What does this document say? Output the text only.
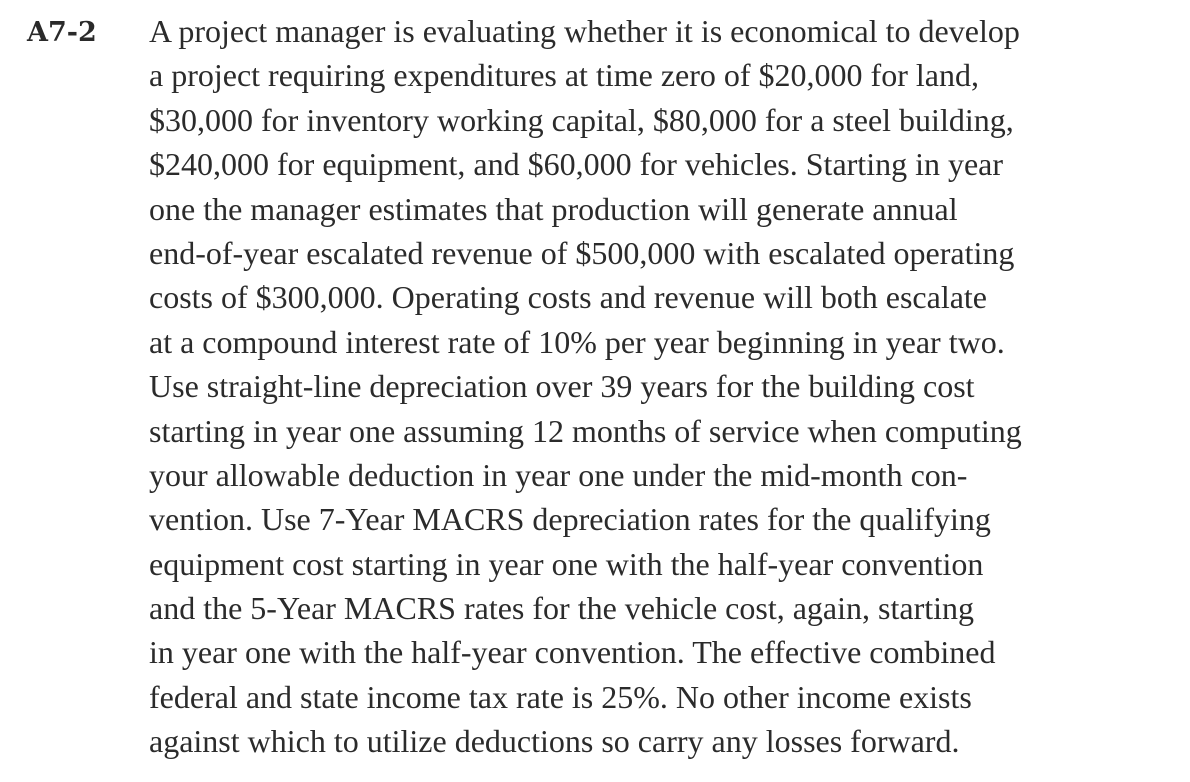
A7-2 A project manager is evaluating whether it is economical to develop
a project requiring expenditures at time zero of $20,000 for land,
$30,000 for inventory working capital, $80,000 for a steel building,
$240,000 for equipment, and $60,000 for vehicles. Starting in year
one the manager estimates that production will generate annual
end-of-year escalated revenue of $500,000 with escalated operating
costs of $300,000. Operating costs and revenue will both escalate
at a compound interest rate of 10% per year beginning in year two.
Use straight-line depreciation over 39 years for the building cost
starting in year one assuming 12 months of service when computing
your allowable deduction in year one under the mid-month con-
vention. Use 7-Year MACRS depreciation rates for the qualifying
equipment cost starting in year one with the half-year convention
and the 5-Year MACRS rates for the vehicle cost, again, starting
in year one with the half-year convention. The effective combined
federal and state income tax rate is 25%. No other income exists
against which to utilize deductions so carry any losses forward.
